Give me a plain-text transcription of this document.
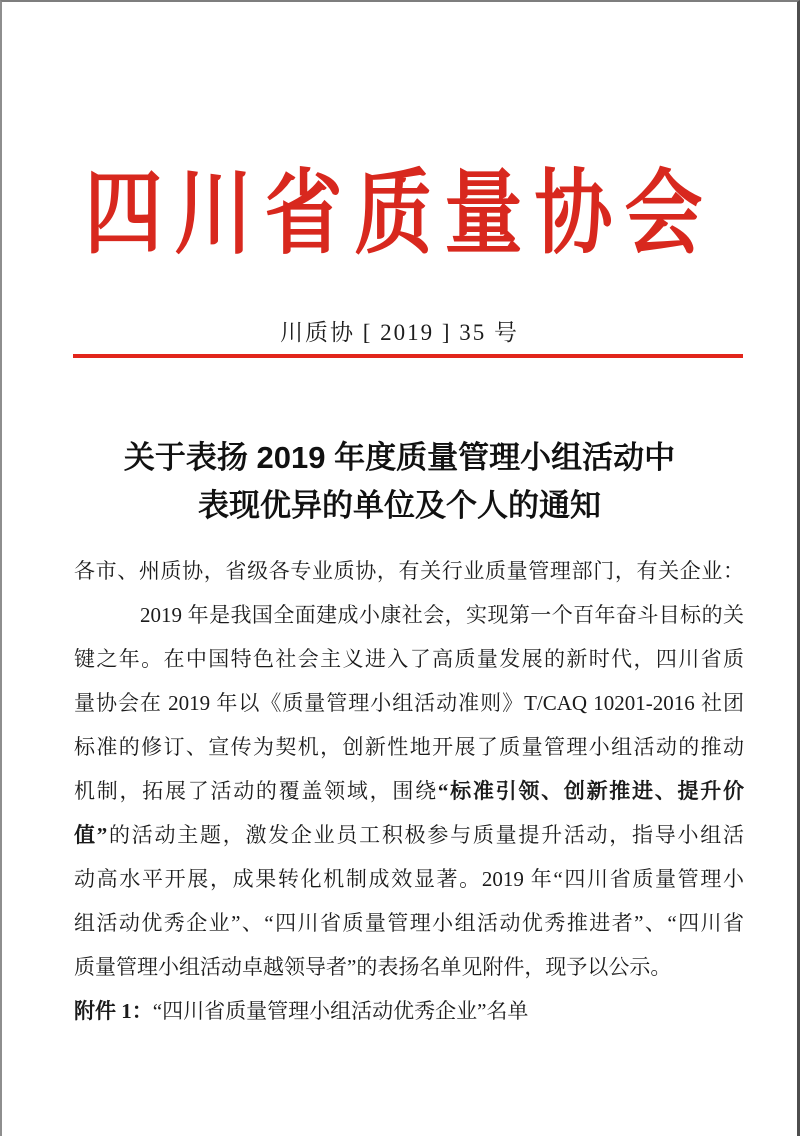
四川省质量协会
川质协 [ 2019 ] 35 号
关于表扬 2019 年度质量管理小组活动中
表现优异的单位及个人的通知
各市、州质协，省级各专业质协，有关行业质量管理部门，有关企业：
2019 年是我国全面建成小康社会，实现第一个百年奋斗目标的关
键之年。在中国特色社会主义进入了高质量发展的新时代，四川省质
量协会在 2019 年以《质量管理小组活动准则》T/CAQ 10201-2016 社团
标准的修订、宣传为契机，创新性地开展了质量管理小组活动的推动
机制，拓展了活动的覆盖领域，围绕“标准引领、创新推进、提升价
值”的活动主题，激发企业员工积极参与质量提升活动，指导小组活
动高水平开展，成果转化机制成效显著。2019 年“四川省质量管理小
组活动优秀企业”、“四川省质量管理小组活动优秀推进者”、“四川省
质量管理小组活动卓越领导者”的表扬名单见附件，现予以公示。
附件 1：“四川省质量管理小组活动优秀企业”名单
